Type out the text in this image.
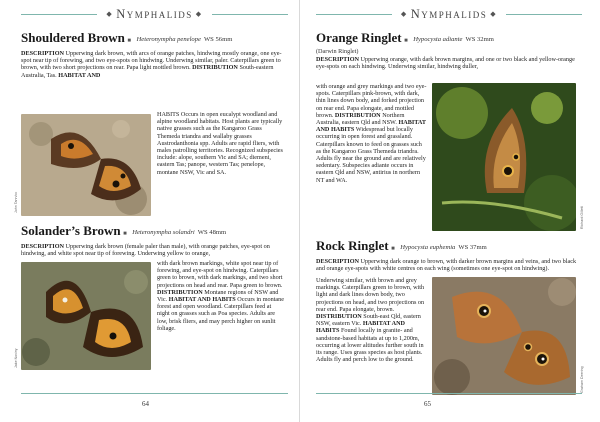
◆ Nymphalids ◆
Shouldered Brown ■ Heteronympha penelope WS 56mm

DESCRIPTION Upperwing dark brown, with arcs of orange patches, hindwing mostly orange, one eye-spot near tip of forewing, and two eye-spots on hindwing. Underwing similar, paler. Caterpillars green to brown, with two short projections on rear. Papa light mottled brown. DISTRIBUTION South-eastern Australia, Tas. HABITAT AND

John Tann/cc

HABITS Occurs in open eucalypt woodland and alpine woodland habitats. Host plants are typically native grasses such as the Kangaroo Grass Themeda triandra and wallaby grasses Austrodanthonia spp. Adults are rapid fliers, with males patrolling territories. Recognized subspecies include: alope, southern Vic and SA; diemeni, eastern Tas; panope, western Tas; penelope, montane NSW, Vic and SA.

Solander’s Brown ■ Heteronympha solandri WS 48mm

DESCRIPTION Upperwing dark brown (female paler than male), with orange patches, eye-spot on hindwing, and white spot near tip of forewing. Underwing yellow to orange,

Jake Noviny

with dark brown markings, white spot near tip of forewing, and eye-spot on hindwing. Caterpillars green to brown, with dark markings, and two short projections on head and rear. Papa green to brown. DISTRIBUTION Montane regions of NSW and Vic. HABITAT AND HABITS Occurs in montane forest and open woodland. Caterpillars feed at night on grasses such as Poa species. Adults are low, brisk fliers, and may perch higher on sunlit foliage.

64
◆ Nymphalids ◆
Orange Ringlet ■ Hypocysta adiante WS 32mm
(Darwin Ringlet)

DESCRIPTION Upperwing orange, with dark brown margins, and one or two black and yellow-orange eye-spots on each hindwing. Underwing similar, hindwing duller,

with orange and grey markings and two eye-spots. Caterpillars pink-brown, with dark, thin lines down body, and forked projection on rear end. Papa elongate, and mottled brown. DISTRIBUTION Northern Australia, eastern Qld and NSW. HABITAT AND HABITS Widespread but locally occurring in open forest and grassland. Caterpillars known to feed on grasses such as the Kangaroo Grass Themeda triandra. Adults fly near the ground and are relatively sedentary. Subspecies adiante occurs in eastern Qld and NSW, antirius in northern NT and WA.

Richard Gillett
Rock Ringlet ■ Hypocysta euphemia WS 37mm

DESCRIPTION Upperwing dark orange to brown, with darker brown margins and veins, and two black and orange eye-spots with white centres on each wing (sometimes one eye-spot on hindwing).

Underwing similar, with brown and grey markings. Caterpillars green to brown, with light and dark lines down body, two projections on head, and two projections on rear end. Papa elongate, brown. DISTRIBUTION South-east Qld, eastern NSW, eastern Vic. HABITAT AND HABITS Found locally in granite- and sandstone-based habitats at up to 1,200m, occurring at lower altitudes further south in its range. Uses grass species as host plants. Adults fly and perch low to the ground.

Graham Deering
65
